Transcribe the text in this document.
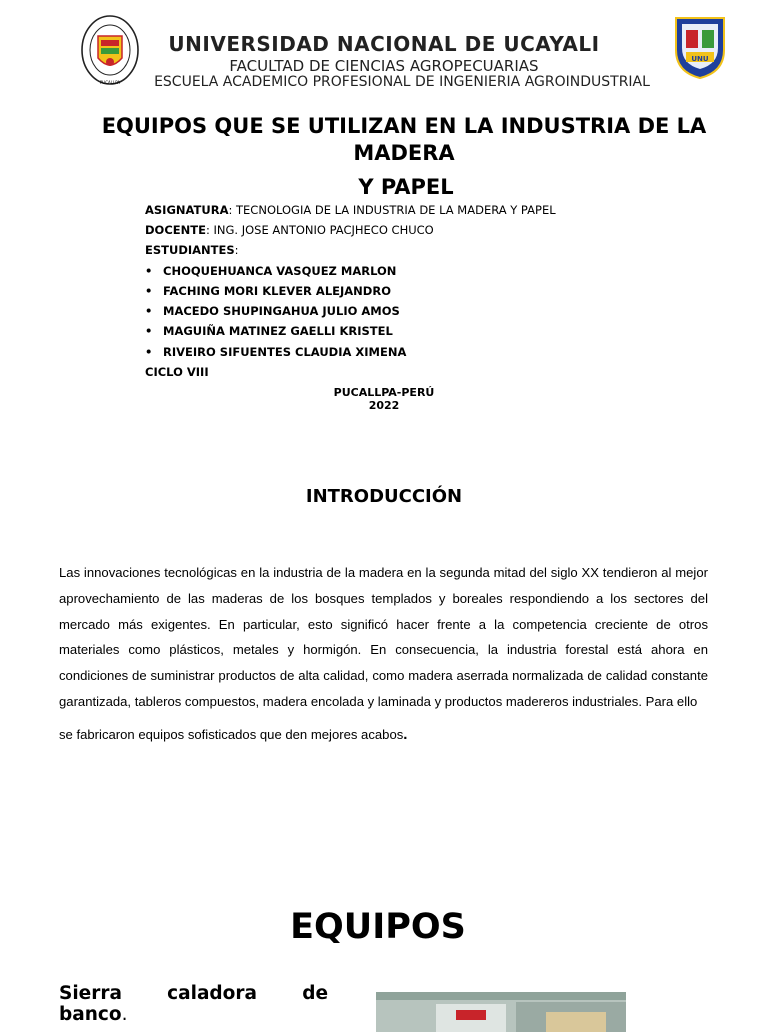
PUCALLPA
UNU
UNIVERSIDAD NACIONAL DE UCAYALI
FACULTAD DE CIENCIAS AGROPECUARIAS
ESCUELA ACADEMICO PROFESIONAL DE INGENIERIA AGROINDUSTRIAL
EQUIPOS QUE SE UTILIZAN EN LA INDUSTRIA DE LA MADERA
Y PAPEL
ASIGNATURA: TECNOLOGIA DE LA INDUSTRIA DE LA MADERA Y PAPEL
DOCENTE: ING. JOSE ANTONIO PACJHECO CHUCO
ESTUDIANTES:
• CHOQUEHUANCA VASQUEZ MARLON
• FACHING MORI KLEVER ALEJANDRO
• MACEDO SHUPINGAHUA JULIO AMOS
• MAGUIÑA MATINEZ GAELLI KRISTEL
• RIVEIRO SIFUENTES CLAUDIA XIMENA
CICLO VIII
PUCALLPA-PERÚ
2022
INTRODUCCIÓN
Las innovaciones tecnológicas en la industria de la madera en la segunda mitad del siglo XX tendieron al mejor aprovechamiento de las maderas de los bosques templados y boreales respondiendo a los sectores del mercado más exigentes. En particular, esto significó hacer frente a la competencia creciente de otros materiales como plásticos, metales y hormigón. En consecuencia, la industria forestal está ahora en condiciones de suministrar productos de alta calidad, como madera aserrada normalizada de calidad constante garantizada, tableros compuestos, madera encolada y laminada y productos madereros industriales. Para ello
se fabricaron equipos sofisticados que den mejores acabos.
EQUIPOS
Sierra caladora de
banco.
